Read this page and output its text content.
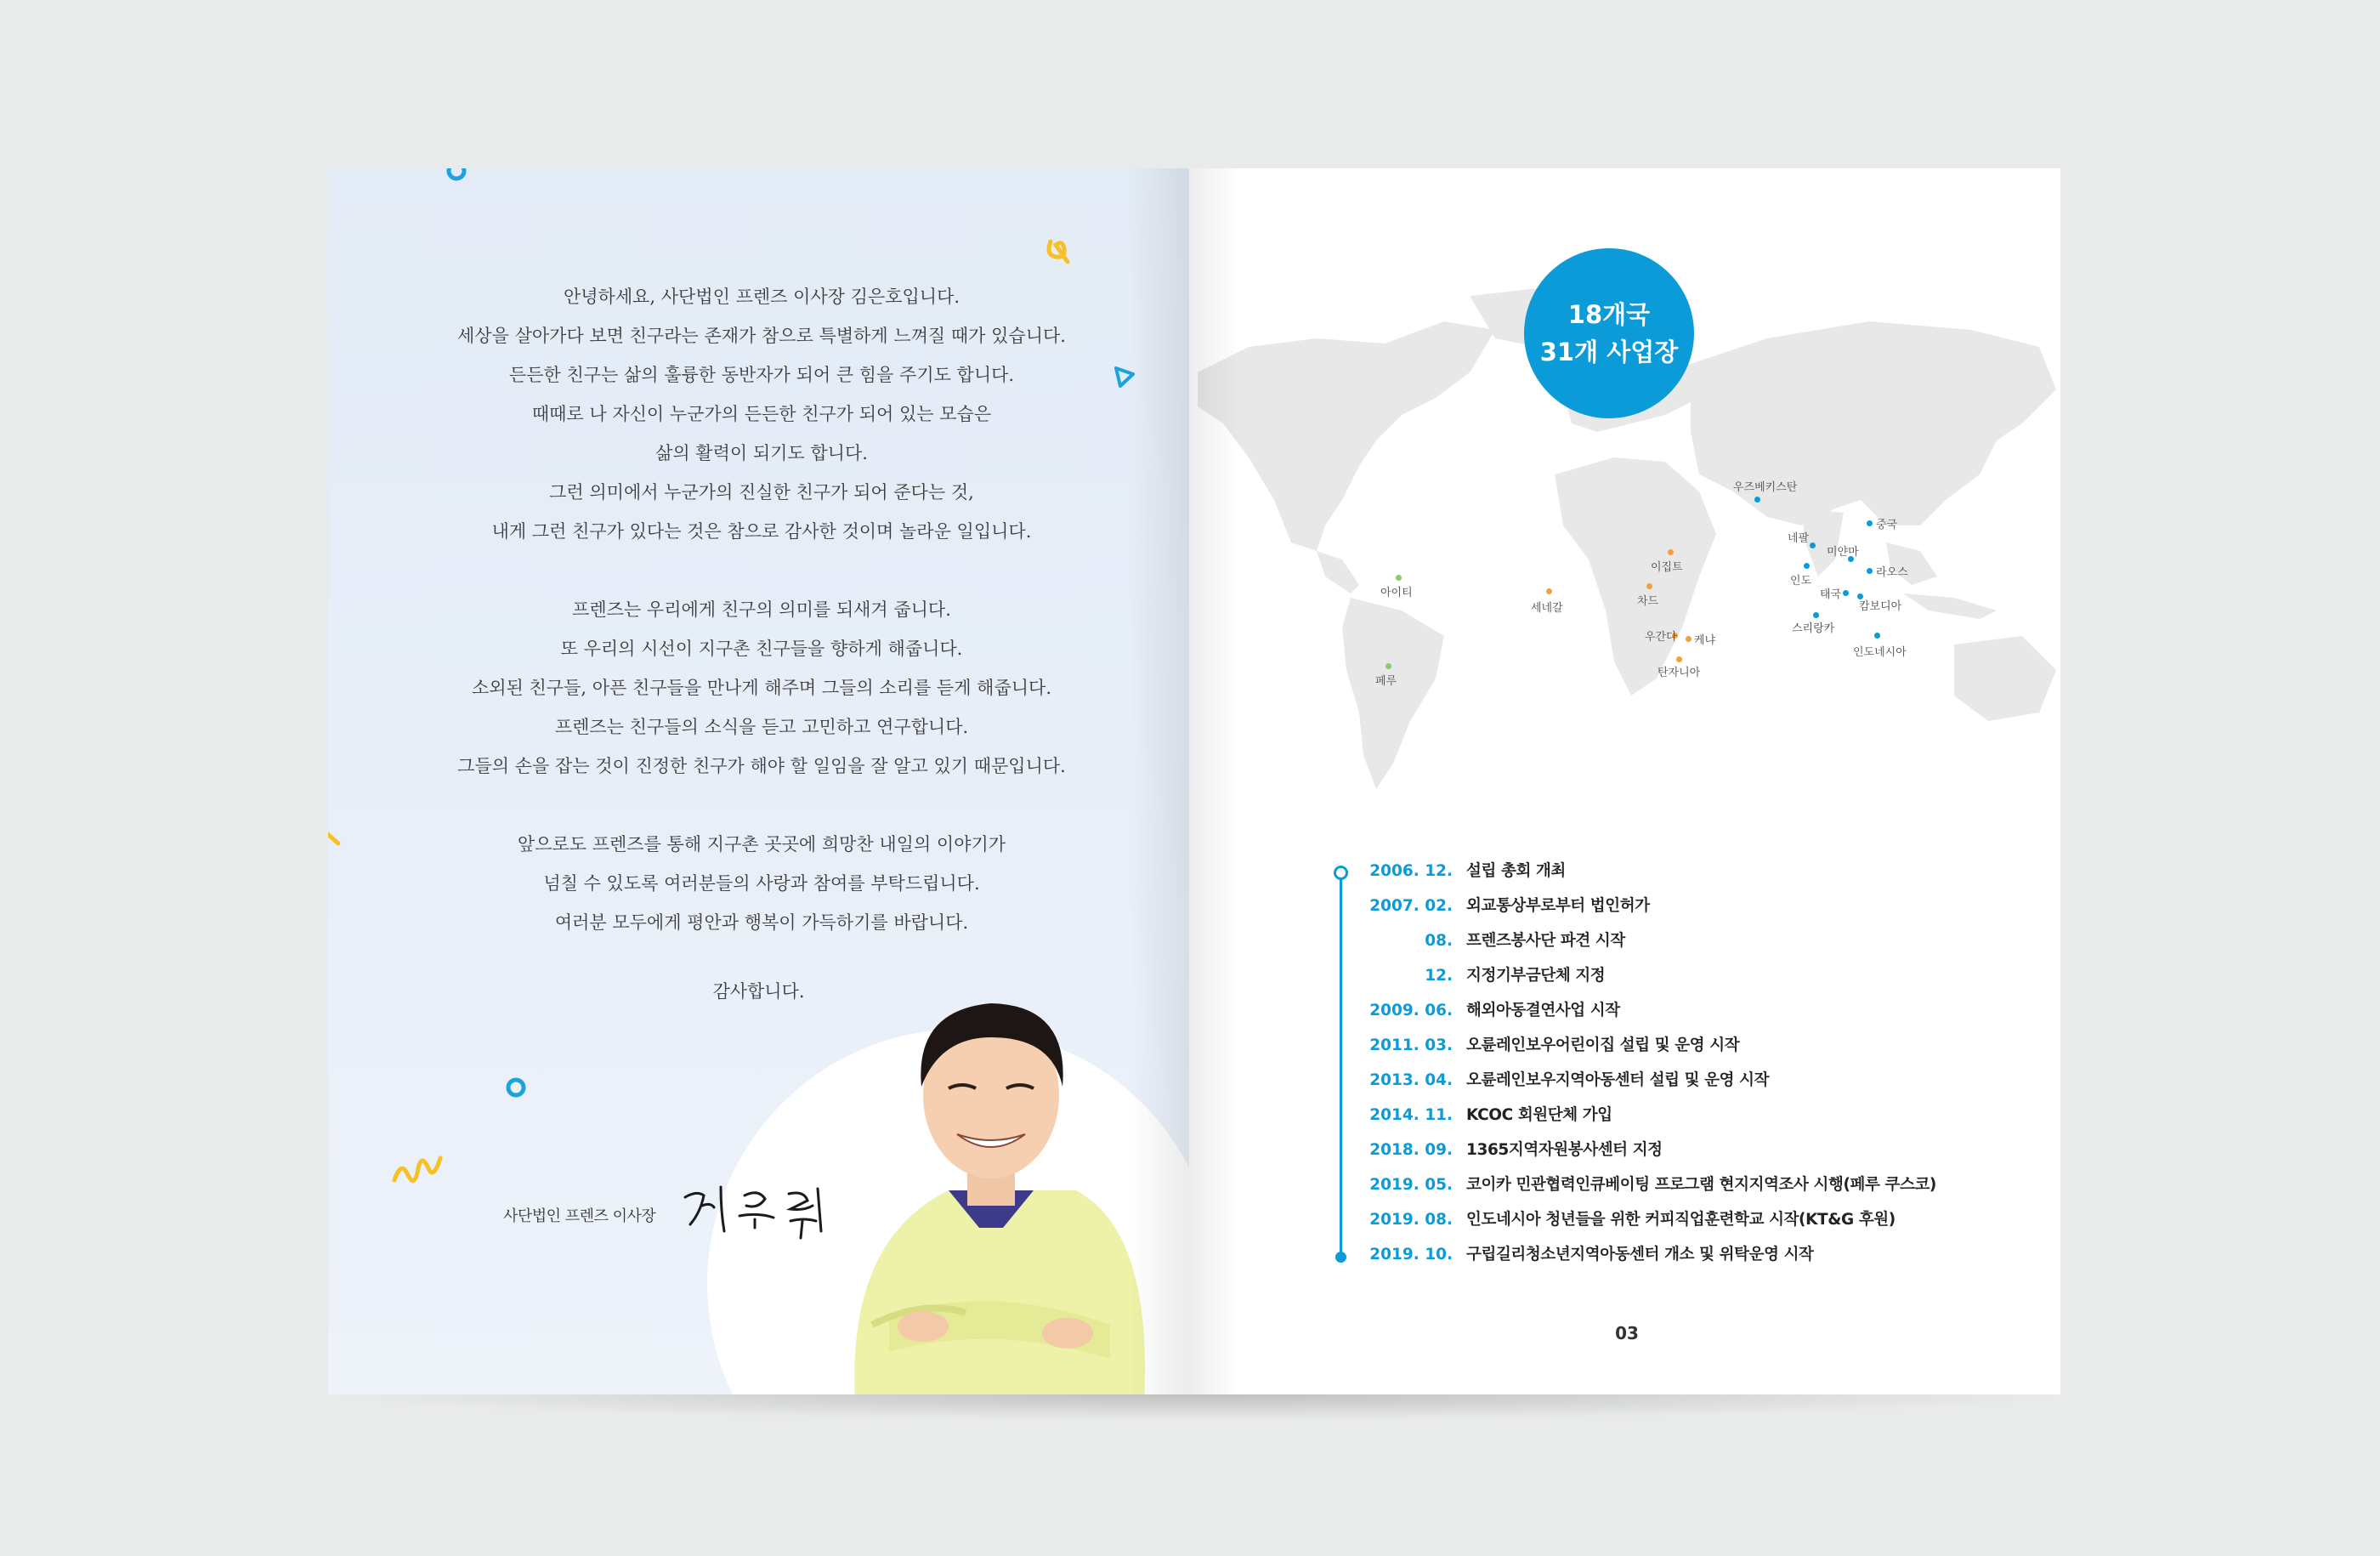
안녕하세요, 사단법인 프렌즈 이사장 김은호입니다.

세상을 살아가다 보면 친구라는 존재가 참으로 특별하게 느껴질 때가 있습니다.

든든한 친구는 삶의 훌륭한 동반자가 되어 큰 힘을 주기도 합니다.

때때로 나 자신이 누군가의 든든한 친구가 되어 있는 모습은

삶의 활력이 되기도 합니다.

그런 의미에서 누군가의 진실한 친구가 되어 준다는 것,

내게 그런 친구가 있다는 것은 참으로 감사한 것이며 놀라운 일입니다.

프렌즈는 우리에게 친구의 의미를 되새겨 줍니다.

또 우리의 시선이 지구촌 친구들을 향하게 해줍니다.

소외된 친구들, 아픈 친구들을 만나게 해주며 그들의 소리를 듣게 해줍니다.

프렌즈는 친구들의 소식을 듣고 고민하고 연구합니다.

그들의 손을 잡는 것이 진정한 친구가 해야 할 일임을 잘 알고 있기 때문입니다.

앞으로도 프렌즈를 통해 지구촌 곳곳에 희망찬 내일의 이야기가

넘칠 수 있도록 여러분들의 사랑과 참여를 부탁드립니다.

여러분 모두에게 평안과 행복이 가득하기를 바랍니다.

감사합니다.
사단법인 프렌즈 이사장
18개국
31개 사업장
우즈베키스탄
중국
네팔
미얀마
라오스
인도
태국
캄보디아
스리랑카
인도네시아
이집트
세네갈
차드
우간다 케냐
탄자니아
아이티
페루
2006. 12. 설립 총회 개최
2007. 02. 외교통상부로부터 법인허가
08. 프렌즈봉사단 파견 시작
12. 지정기부금단체 지정
2009. 06. 해외아동결연사업 시작
2011. 03. 오륜레인보우어린이집 설립 및 운영 시작
2013. 04. 오륜레인보우지역아동센터 설립 및 운영 시작
2014. 11. KCOC 회원단체 가입
2018. 09. 1365지역자원봉사센터 지정
2019. 05. 코이카 민관협력인큐베이팅 프로그램 현지지역조사 시행(페루 쿠스코)
2019. 08. 인도네시아 청년들을 위한 커피직업훈련학교 시작(KT&G 후원)
2019. 10. 구립길리청소년지역아동센터 개소 및 위탁운영 시작
03
